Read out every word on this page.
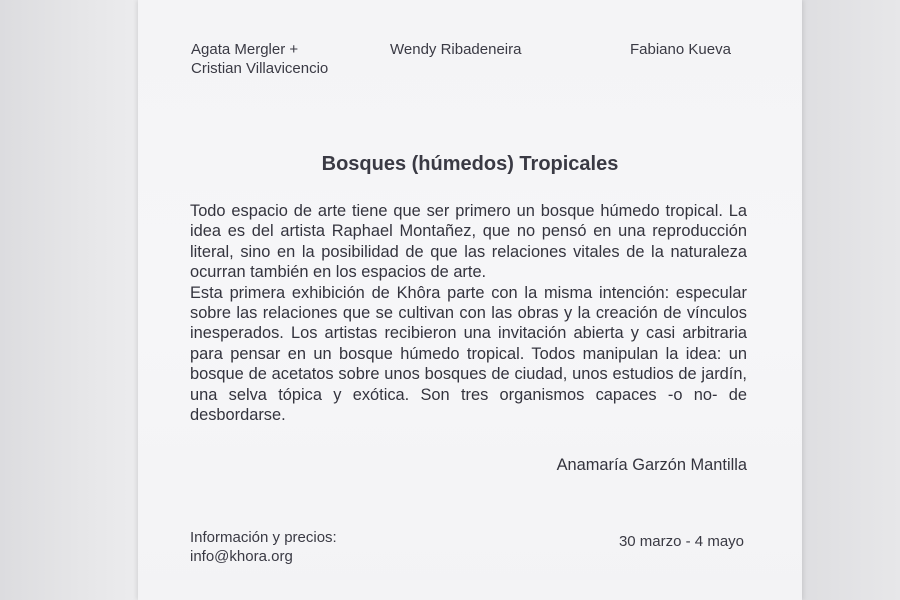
Agata Mergler +
Cristian Villavicencio
Wendy Ribadeneira	Fabiano Kueva
Bosques (húmedos) Tropicales

Todo espacio de arte tiene que ser primero un bosque húmedo tropical. La idea es del artista Raphael Montañez, que no pensó en una reproducción literal, sino en la posibilidad de que las relaciones vitales de la naturaleza ocurran también en los espacios de arte.

Esta primera exhibición de Khôra parte con la misma intención: especular sobre las relaciones que se cultivan con las obras y la creación de vínculos inesperados. Los artistas recibieron una invitación abierta y casi arbitraria para pensar en un bosque húmedo tropical. Todos manipulan la idea: un bosque de acetatos sobre unos bosques de ciudad, unos estudios de jardín, una selva tópica y exótica. Son tres organismos capaces -o no- de desbordarse.

Anamaría Garzón Mantilla
Información y precios:
info@khora.org
30 marzo - 4 mayo
